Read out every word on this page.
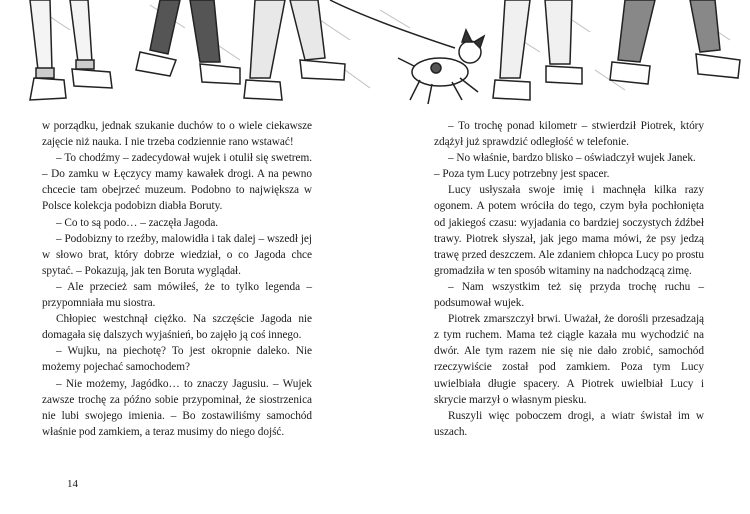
w porządku, jednak szukanie duchów to o wiele ciekawsze zajęcie niż nauka. I nie trzeba codziennie rano wstawać!

– To chodźmy – zadecydował wujek i otulił się swetrem. – Do zamku w Łęczycy mamy kawałek drogi. A na pewno chcecie tam obejrzeć muzeum. Podobno to największa w Polsce kolekcja podobizn diabła Boruty.

– Co to są podo… – zaczęła Jagoda.

– Podobizny to rzeźby, malowidła i tak dalej – wszedł jej w słowo brat, który dobrze wiedział, o co Jagoda chce spytać. – Pokazują, jak ten Boruta wyglądał.

– Ale przecież sam mówiłeś, że to tylko legenda – przypomniała mu siostra.

Chłopiec westchnął ciężko. Na szczęście Jagoda nie domagała się dalszych wyjaśnień, bo zajęło ją coś innego.

– Wujku, na piechotę? To jest okropnie daleko. Nie możemy pojechać samochodem?

– Nie możemy, Jagódko… to znaczy Jagusiu. – Wujek zawsze trochę za późno sobie przypominał, że siostrzenica nie lubi swojego imienia. – Bo zostawiliśmy samochód właśnie pod zamkiem, a teraz musimy do niego dojść.

– To trochę ponad kilometr – stwierdził Piotrek, który zdążył już sprawdzić odległość w telefonie.

– No właśnie, bardzo blisko – oświadczył wujek Janek.

– Poza tym Lucy potrzebny jest spacer.

Lucy usłyszała swoje imię i machnęła kilka razy ogonem. A potem wróciła do tego, czym była pochłonięta od jakiegoś czasu: wyjadania co bardziej soczystych źdźbeł trawy. Piotrek słyszał, jak jego mama mówi, że psy jedzą trawę przed deszczem. Ale zdaniem chłopca Lucy po prostu gromadziła w ten sposób witaminy na nadchodzącą zimę.

– Nam wszystkim też się przyda trochę ruchu – podsumował wujek.

Piotrek zmarszczył brwi. Uważał, że dorośli przesadzają z tym ruchem. Mama też ciągle kazała mu wychodzić na dwór. Ale tym razem nie się nie dało zrobić, samochód rzeczywiście został pod zamkiem. Poza tym Lucy uwielbiała długie spacery. A Piotrek uwielbiał Lucy i skrycie marzył o własnym piesku.

Ruszyli więc poboczem drogi, a wiatr świstał im w uszach.

14
